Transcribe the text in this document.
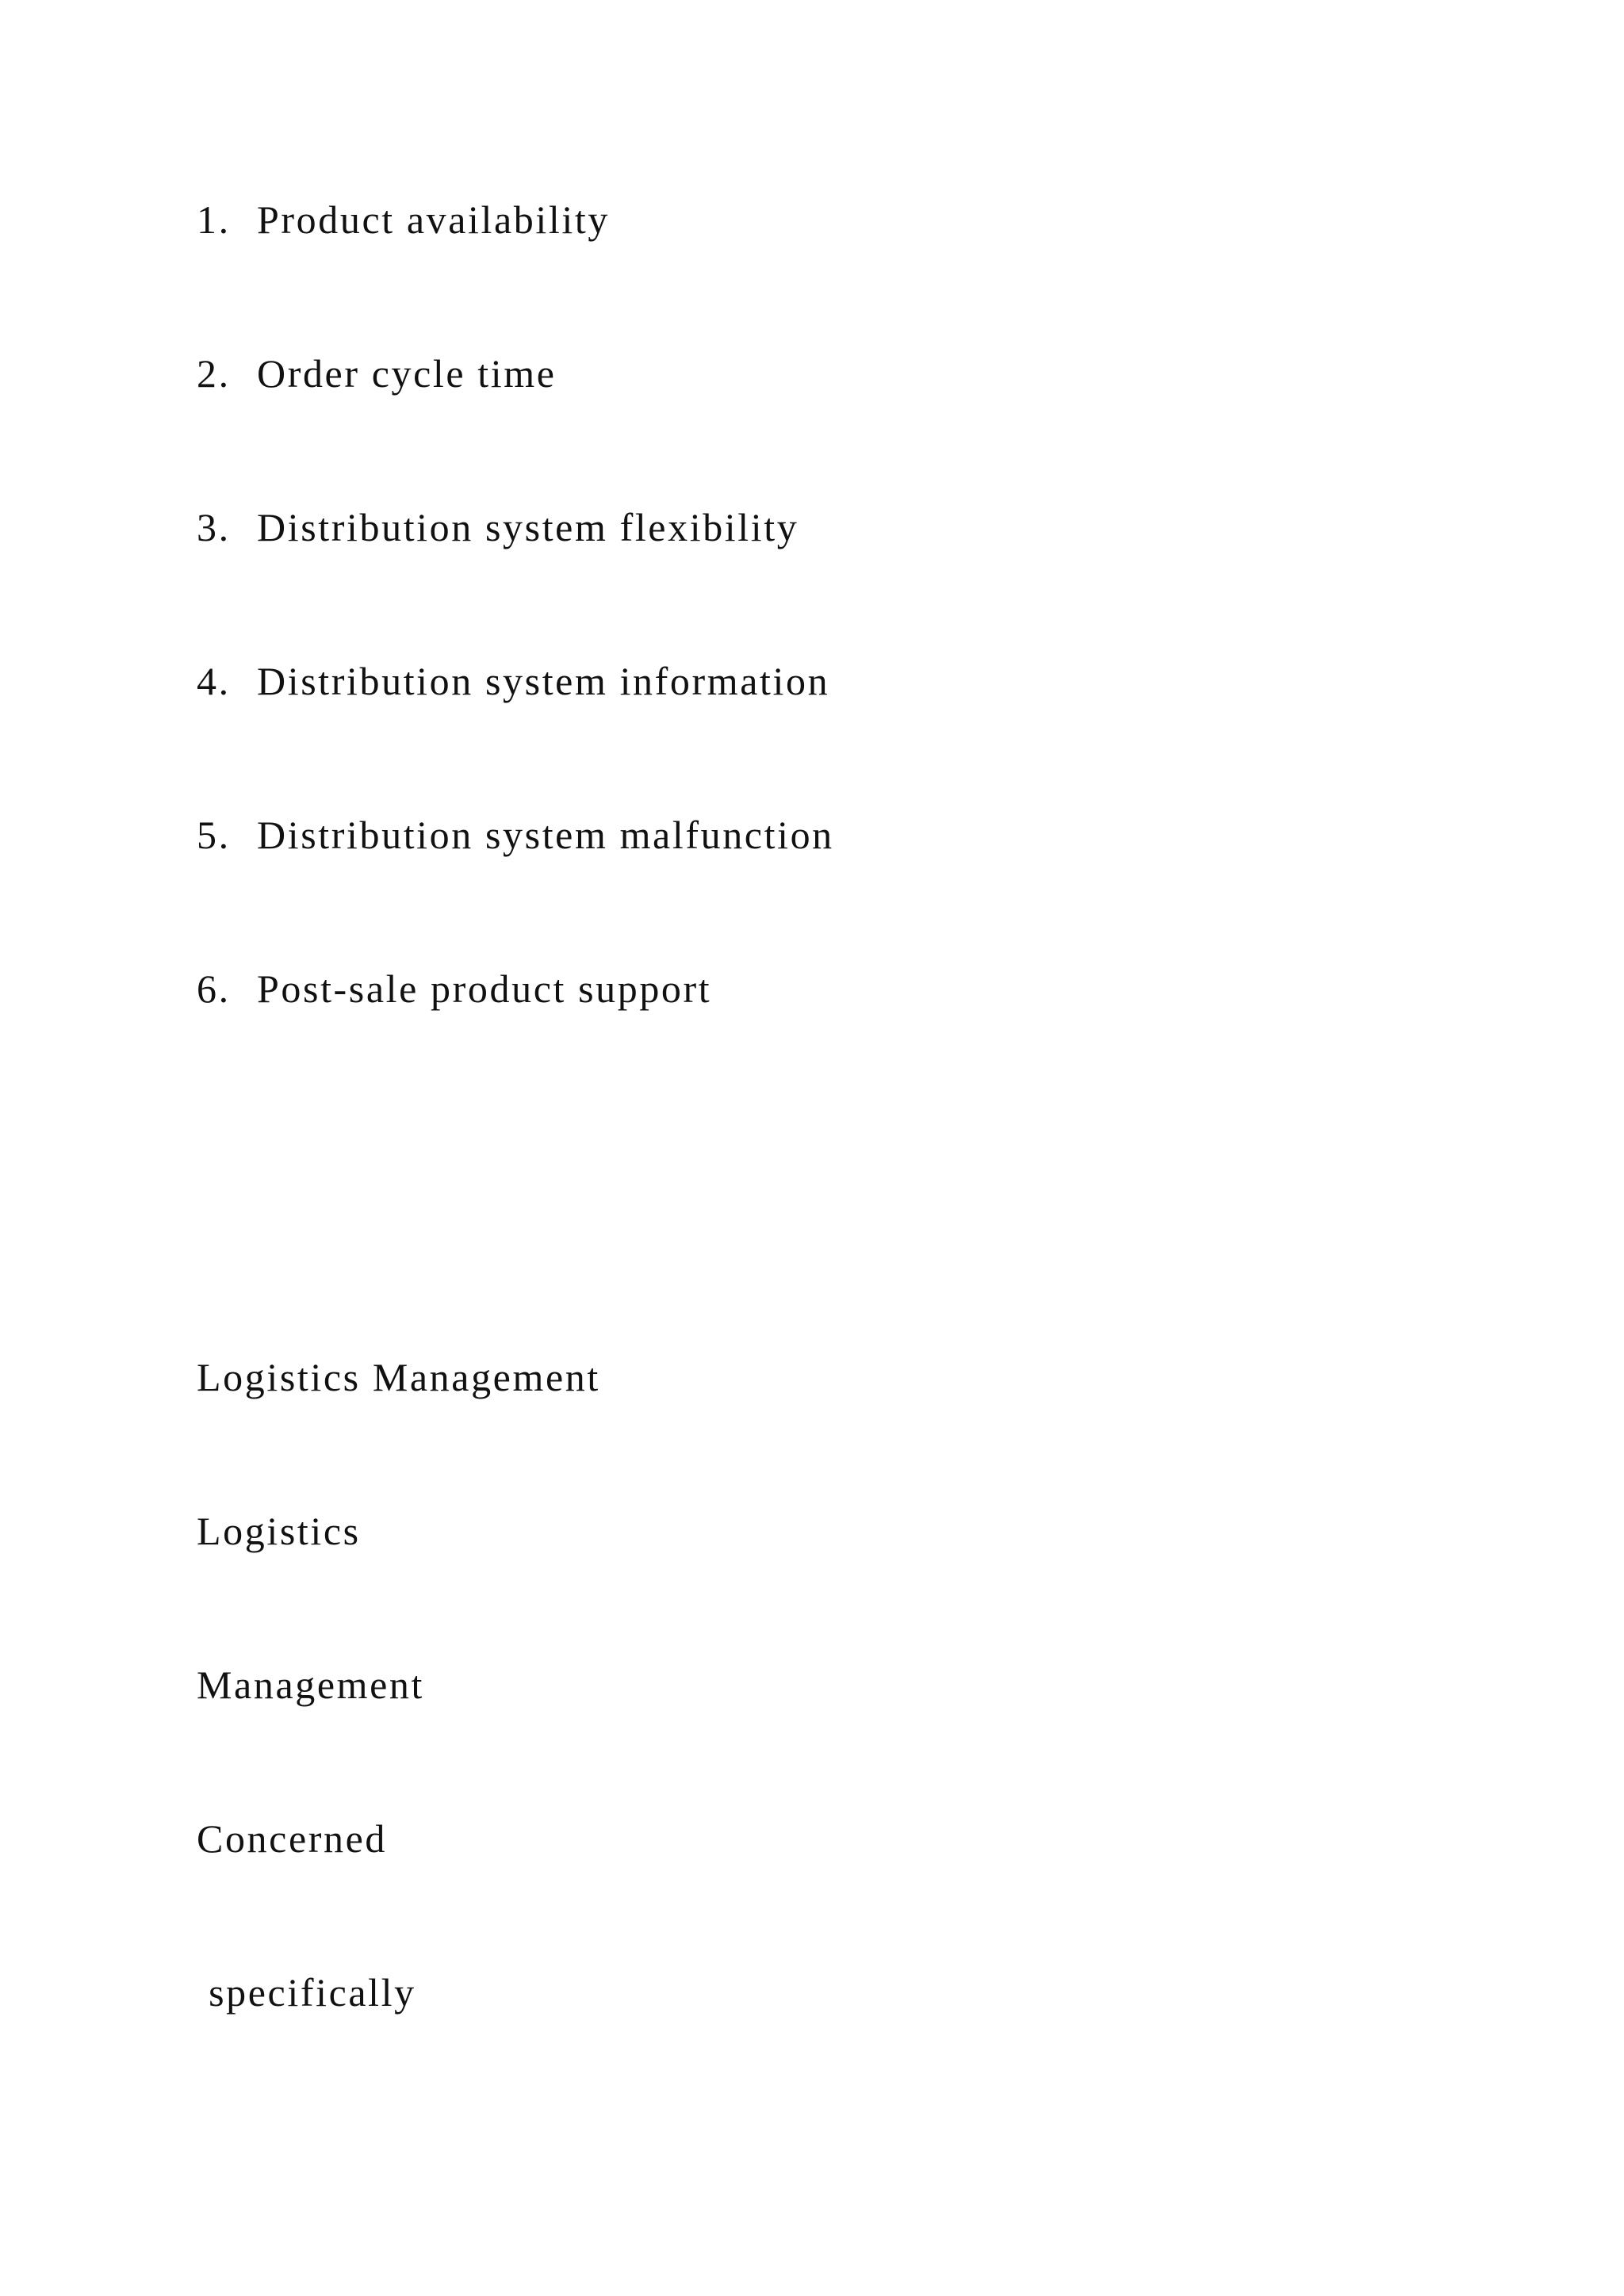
1. Product availability
2. Order cycle time
3. Distribution system flexibility
4. Distribution system information
5. Distribution system malfunction
6. Post-sale product support
Logistics Management
Logistics
Management
Concerned
specifically
